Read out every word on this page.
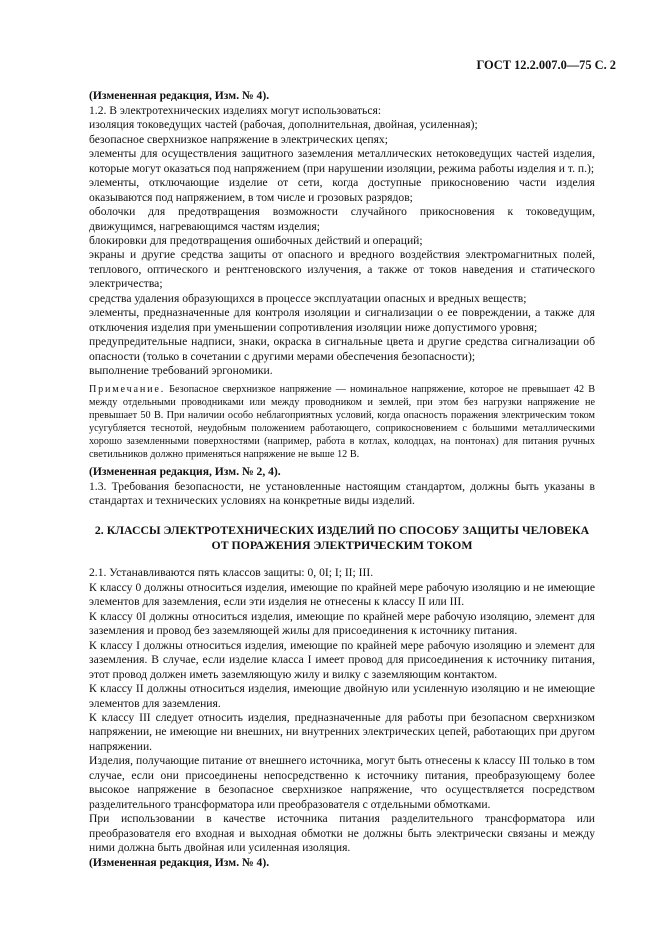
ГОСТ 12.2.007.0—75 С. 2

(Измененная редакция, Изм. № 4).

1.2. В электротехнических изделиях могут использоваться:

изоляция токоведущих частей (рабочая, дополнительная, двойная, усиленная);

безопасное сверхнизкое напряжение в электрических цепях;

элементы для осуществления защитного заземления металлических нетоковедущих частей изделия, которые могут оказаться под напряжением (при нарушении изоляции, режима работы изделия и т. п.);

элементы, отключающие изделие от сети, когда доступные прикосновению части изделия оказываются под напряжением, в том числе и грозовых разрядов;

оболочки для предотвращения возможности случайного прикосновения к токоведущим, движущимся, нагревающимся частям изделия;

блокировки для предотвращения ошибочных действий и операций;

экраны и другие средства защиты от опасного и вредного воздействия электромагнитных полей, теплового, оптического и рентгеновского излучения, а также от токов наведения и статического электричества;

средства удаления образующихся в процессе эксплуатации опасных и вредных веществ;

элементы, предназначенные для контроля изоляции и сигнализации о ее повреждении, а также для отключения изделия при уменьшении сопротивления изоляции ниже допустимого уровня;

предупредительные надписи, знаки, окраска в сигнальные цвета и другие средства сигнализации об опасности (только в сочетании с другими мерами обеспечения безопасности);

выполнение требований эргономики.

Примечание. Безопасное сверхнизкое напряжение — номинальное напряжение, которое не превышает 42 В между отдельными проводниками или между проводником и землей, при этом без нагрузки напряжение не превышает 50 В. При наличии особо неблагоприятных условий, когда опасность поражения электрическим током усугубляется теснотой, неудобным положением работающего, соприкосновением с большими металлическими хорошо заземленными поверхностями (например, работа в котлах, колодцах, на понтонах) для питания ручных светильников должно применяться напряжение не выше 12 В.

(Измененная редакция, Изм. № 2, 4).

1.3. Требования безопасности, не установленные настоящим стандартом, должны быть указаны в стандартах и технических условиях на конкретные виды изделий.

2. КЛАССЫ ЭЛЕКТРОТЕХНИЧЕСКИХ ИЗДЕЛИЙ ПО СПОСОБУ ЗАЩИТЫ ЧЕЛОВЕКА
ОТ ПОРАЖЕНИЯ ЭЛЕКТРИЧЕСКИМ ТОКОМ

2.1. Устанавливаются пять классов защиты: 0, 0I; I; II; III.

К классу 0 должны относиться изделия, имеющие по крайней мере рабочую изоляцию и не имеющие элементов для заземления, если эти изделия не отнесены к классу II или III.

К классу 0I должны относиться изделия, имеющие по крайней мере рабочую изоляцию, элемент для заземления и провод без заземляющей жилы для присоединения к источнику питания.

К классу I должны относиться изделия, имеющие по крайней мере рабочую изоляцию и элемент для заземления. В случае, если изделие класса I имеет провод для присоединения к источнику питания, этот провод должен иметь заземляющую жилу и вилку с заземляющим контактом.

К классу II должны относиться изделия, имеющие двойную или усиленную изоляцию и не имеющие элементов для заземления.

К классу III следует относить изделия, предназначенные для работы при безопасном сверхнизком напряжении, не имеющие ни внешних, ни внутренних электрических цепей, работающих при другом напряжении.

Изделия, получающие питание от внешнего источника, могут быть отнесены к классу III только в том случае, если они присоединены непосредственно к источнику питания, преобразующему более высокое напряжение в безопасное сверхнизкое напряжение, что осуществляется посредством разделительного трансформатора или преобразователя с отдельными обмотками.

При использовании в качестве источника питания разделительного трансформатора или преобразователя его входная и выходная обмотки не должны быть электрически связаны и между ними должна быть двойная или усиленная изоляция.

(Измененная редакция, Изм. № 4).
